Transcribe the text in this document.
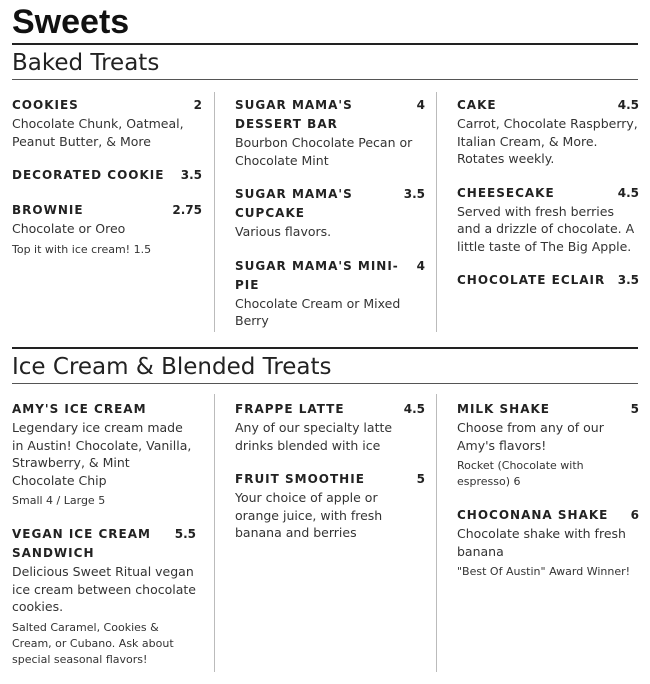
Sweets
Baked Treats
COOKIES	2
Chocolate Chunk, Oatmeal, Peanut Butter, & More
DECORATED COOKIE 3.5
BROWNIE	2.75
Chocolate or Oreo
Top it with ice cream! 1.5
SUGAR MAMA'S DESSERT BAR
4
Bourbon Chocolate Pecan or Chocolate Mint
SUGAR MAMA'S CUPCAKE
3.5
Various flavors.
SUGAR MAMA'S MINI-PIE
4
Chocolate Cream or Mixed Berry
CAKE	4.5
Carrot, Chocolate Raspberry, Italian Cream, & More. Rotates weekly.
CHEESECAKE	4.5
Served with fresh berries and a drizzle of chocolate. A little taste of The Big Apple.
CHOCOLATE ECLAIR 3.5
Ice Cream & Blended Treats
AMY'S ICE CREAM
Legendary ice cream made in Austin! Chocolate, Vanilla, Strawberry, & Mint Chocolate Chip
Small 4 / Large 5
VEGAN ICE CREAM SANDWICH
5.5
Delicious Sweet Ritual vegan ice cream between chocolate cookies.
Salted Caramel, Cookies & Cream, or Cubano. Ask about special seasonal flavors!
FRAPPE LATTE	4.5
Any of our specialty latte drinks blended with ice
FRUIT SMOOTHIE	5
Your choice of apple or orange juice, with fresh banana and berries
MILK SHAKE	5
Choose from any of our Amy's flavors!
Rocket (Chocolate with espresso) 6
CHOCONANA SHAKE 6
Chocolate shake with fresh banana
"Best Of Austin" Award Winner!
